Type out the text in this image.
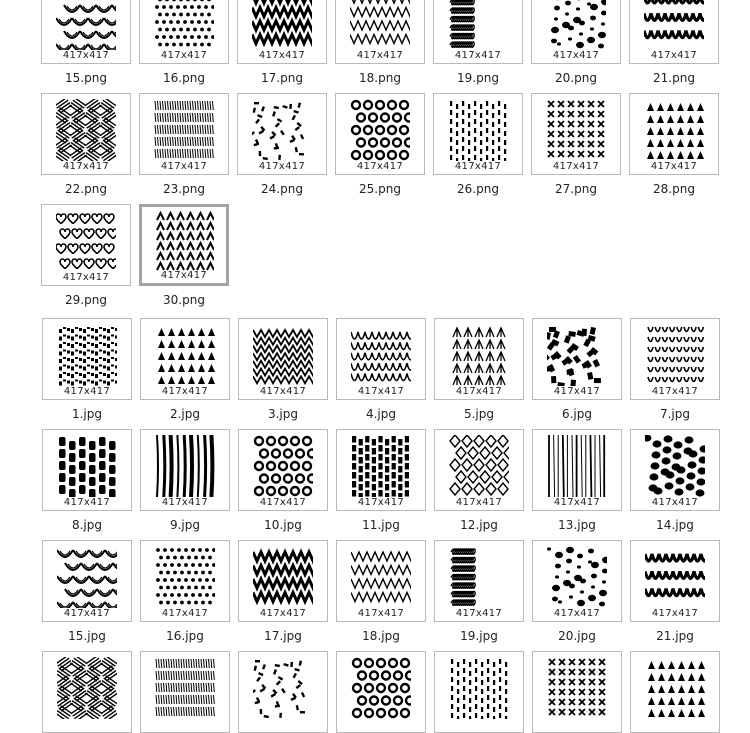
417x417
15.png
417x417
16.png
417x417
17.png
417x417
18.png
417x417
19.png
417x417
20.png
417x417
21.png
417x417
22.png
417x417
23.png
417x417
24.png
417x417
25.png
417x417
26.png
417x417
27.png
417x417
28.png
417x417
29.png
417x417
30.png
417x417
1.jpg
417x417
2.jpg
417x417
3.jpg
417x417
4.jpg
417x417
5.jpg
417x417
6.jpg
417x417
7.jpg
417x417
8.jpg
417x417
9.jpg
417x417
10.jpg
417x417
11.jpg
417x417
12.jpg
417x417
13.jpg
417x417
14.jpg
417x417
15.jpg
417x417
16.jpg
417x417
17.jpg
417x417
18.jpg
417x417
19.jpg
417x417
20.jpg
417x417
21.jpg
